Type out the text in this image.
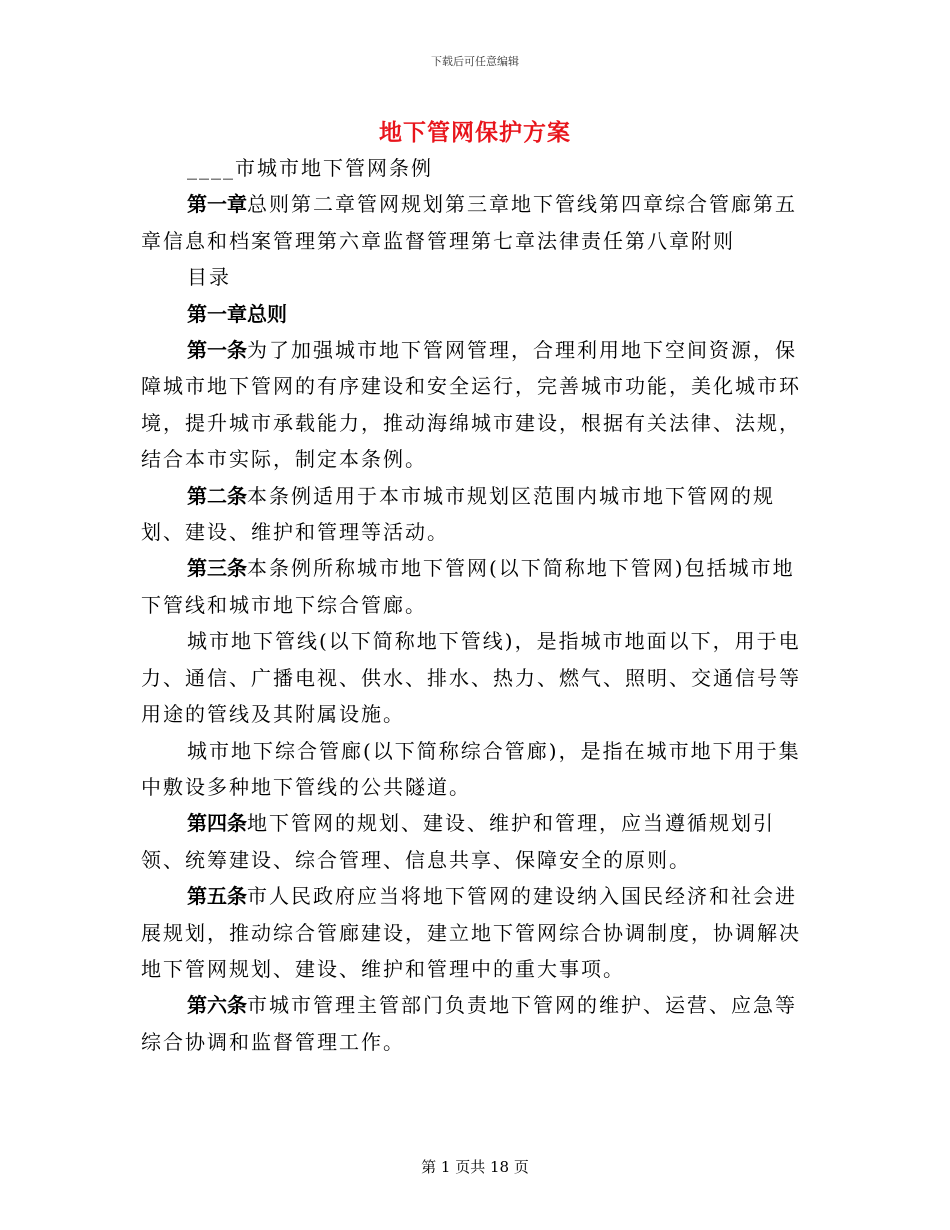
下载后可任意编辑
地下管网保护方案

____市城市地下管网条例

第一章总则第二章管网规划第三章地下管线第四章综合管廊第五章信息和档案管理第六章监督管理第七章法律责任第八章附则

目录

第一章总则

第一条为了加强城市地下管网管理，合理利用地下空间资源，保障城市地下管网的有序建设和安全运行，完善城市功能，美化城市环境，提升城市承载能力，推动海绵城市建设，根据有关法律、法规，结合本市实际，制定本条例。

第二条本条例适用于本市城市规划区范围内城市地下管网的规划、建设、维护和管理等活动。

第三条本条例所称城市地下管网(以下简称地下管网)包括城市地下管线和城市地下综合管廊。

城市地下管线(以下简称地下管线)，是指城市地面以下，用于电力、通信、广播电视、供水、排水、热力、燃气、照明、交通信号等用途的管线及其附属设施。

城市地下综合管廊(以下简称综合管廊)，是指在城市地下用于集中敷设多种地下管线的公共隧道。

第四条地下管网的规划、建设、维护和管理，应当遵循规划引领、统筹建设、综合管理、信息共享、保障安全的原则。

第五条市人民政府应当将地下管网的建设纳入国民经济和社会进展规划，推动综合管廊建设，建立地下管网综合协调制度，协调解决地下管网规划、建设、维护和管理中的重大事项。

第六条市城市管理主管部门负责地下管网的维护、运营、应急等综合协调和监督管理工作。

第 1 页共 18 页
